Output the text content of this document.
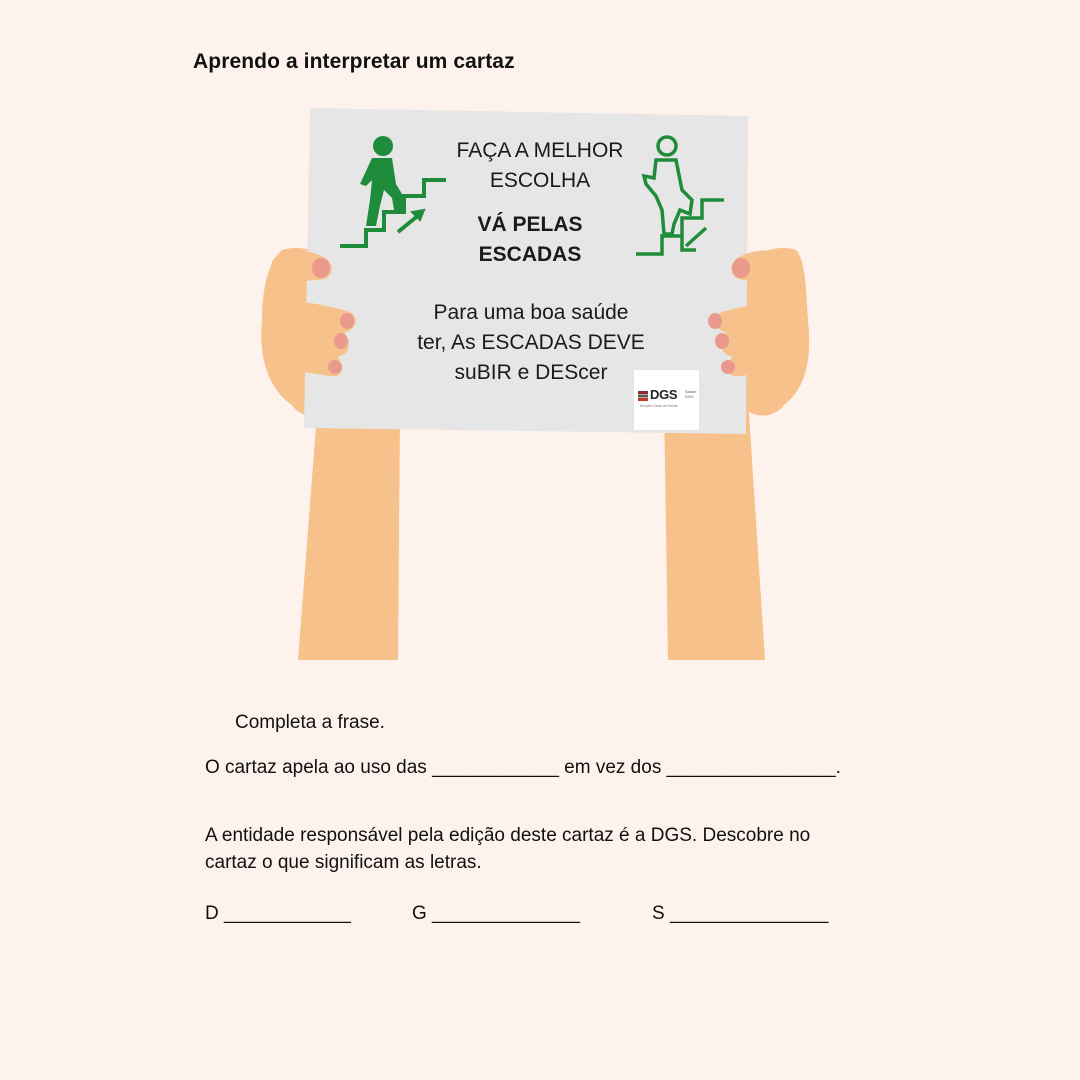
Aprendo a interpretar um cartaz
FAÇA A MELHOR
ESCOLHA
VÁ PELAS
ESCADAS
Para uma boa saúde
ter, As ESCADAS DEVE
suBIR e DEScer
DGS Saúde
DGS
Direção-Geral da Saúde
Completa a frase.
O cartaz apela ao uso das ____________ em vez dos ________________.
A entidade responsável pela edição deste cartaz é a DGS. Descobre no cartaz o que significam as letras.
D ____________	G ______________	S _______________
